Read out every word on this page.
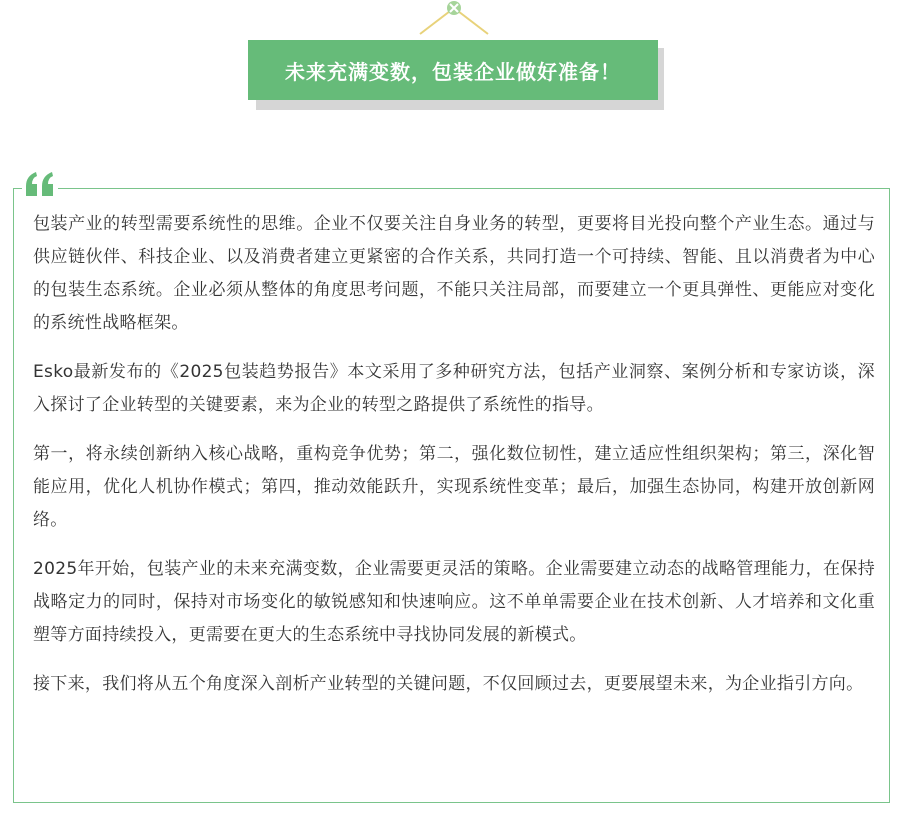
未来充满变数，包装企业做好准备！

包装产业的转型需要系统性的思维。企业不仅要关注自身业务的转型，更要将目光投向整个产业生态。通过与供应链伙伴、科技企业、以及消费者建立更紧密的合作关系，共同打造一个可持续、智能、且以消费者为中心的包装生态系统。企业必须从整体的角度思考问题，不能只关注局部，而要建立一个更具弹性、更能应对变化的系统性战略框架。

Esko最新发布的《2025包装趋势报告》本文采用了多种研究方法，包括产业洞察、案例分析和专家访谈，深入探讨了企业转型的关键要素，来为企业的转型之路提供了系统性的指导。

第一，将永续创新纳入核心战略，重构竞争优势；第二，强化数位韧性，建立适应性组织架构；第三，深化智能应用，优化人机协作模式；第四，推动效能跃升，实现系统性变革；最后，加强生态协同，构建开放创新网络。

2025年开始，包装产业的未来充满变数，企业需要更灵活的策略。企业需要建立动态的战略管理能力，在保持战略定力的同时，保持对市场变化的敏锐感知和快速响应。这不单单需要企业在技术创新、人才培养和文化重塑等方面持续投入，更需要在更大的生态系统中寻找协同发展的新模式。

接下来，我们将从五个角度深入剖析产业转型的关键问题，不仅回顾过去，更要展望未来，为企业指引方向。
